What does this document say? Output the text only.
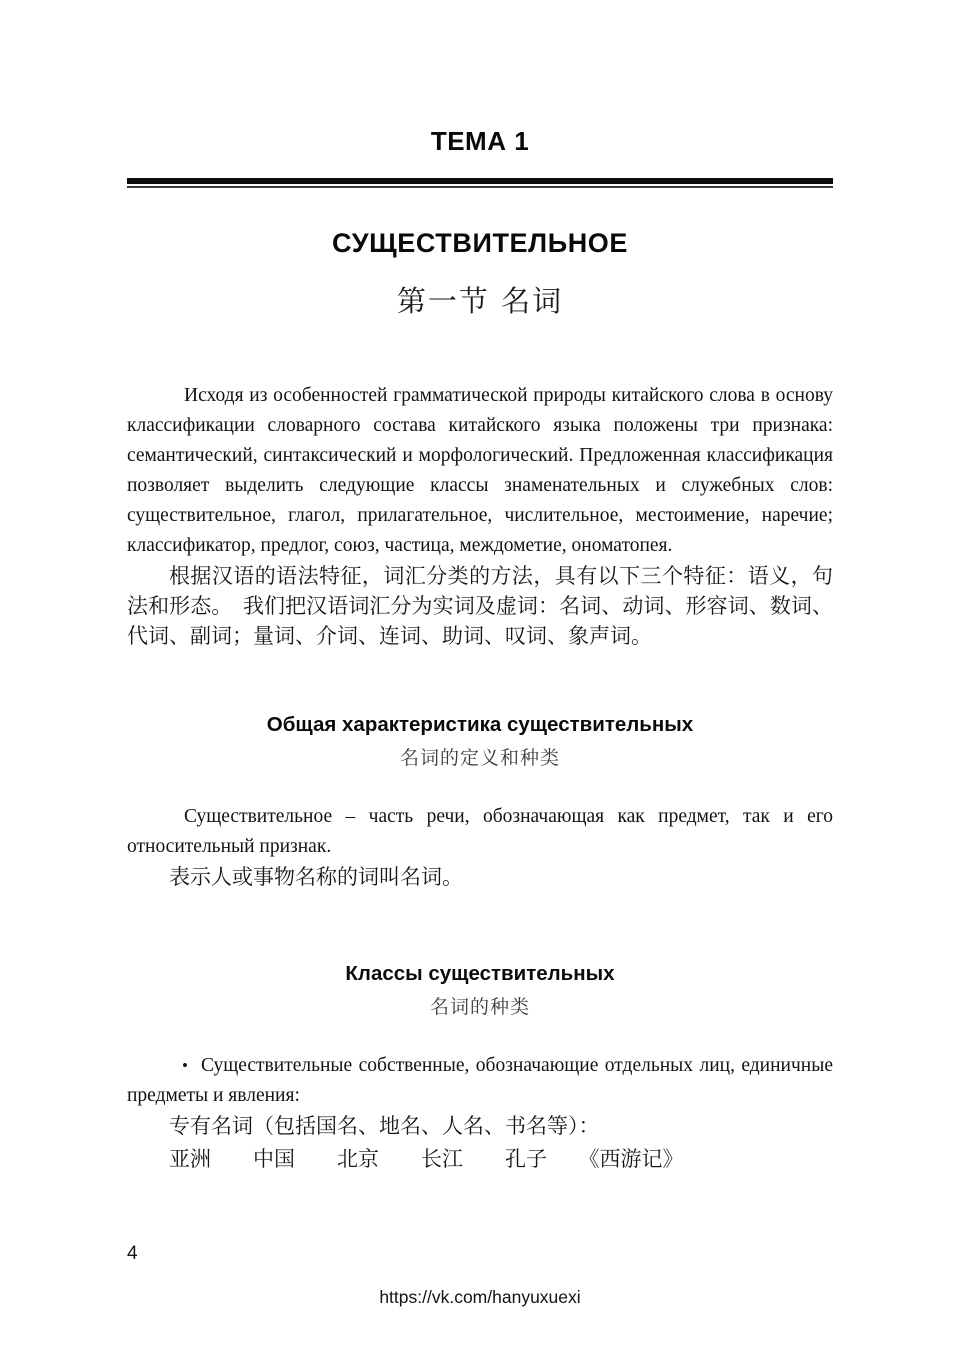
ТЕМА 1
СУЩЕСТВИТЕЛЬНОЕ

第一节 名词

Исходя из особенностей грамматической природы китайского слова в основу классификации словарного состава китайского языка положены три признака: семантический, синтаксический и морфологический. Предложенная классификация позволяет выделить следующие классы знаменательных и служебных слов: существительное, глагол, прилагательное, числительное, местоимение, наречие; классификатор, предлог, союз, частица, междометие, ономатопея.

根据汉语的语法特征，词汇分类的方法，具有以下三个特征：语义，句法和形态。　我们把汉语词汇分为实词及虚词：名词、动词、形容词、数词、代词、副词；量词、介词、连词、助词、叹词、象声词。

Общая характеристика существительных

名词的定义和种类

Существительное – часть речи, обозначающая как предмет, так и его относительный признак.

表示人或事物名称的词叫名词。

Классы существительных

名词的种类

• Существительные собственные, обозначающие отдельных лиц, единичные предметы и явления:

专有名词（包括国名、地名、人名、书名等）：

亚洲　　中国　　北京　　长江　　孔子　　《西游记》

4
https://vk.com/hanyuxuexi
